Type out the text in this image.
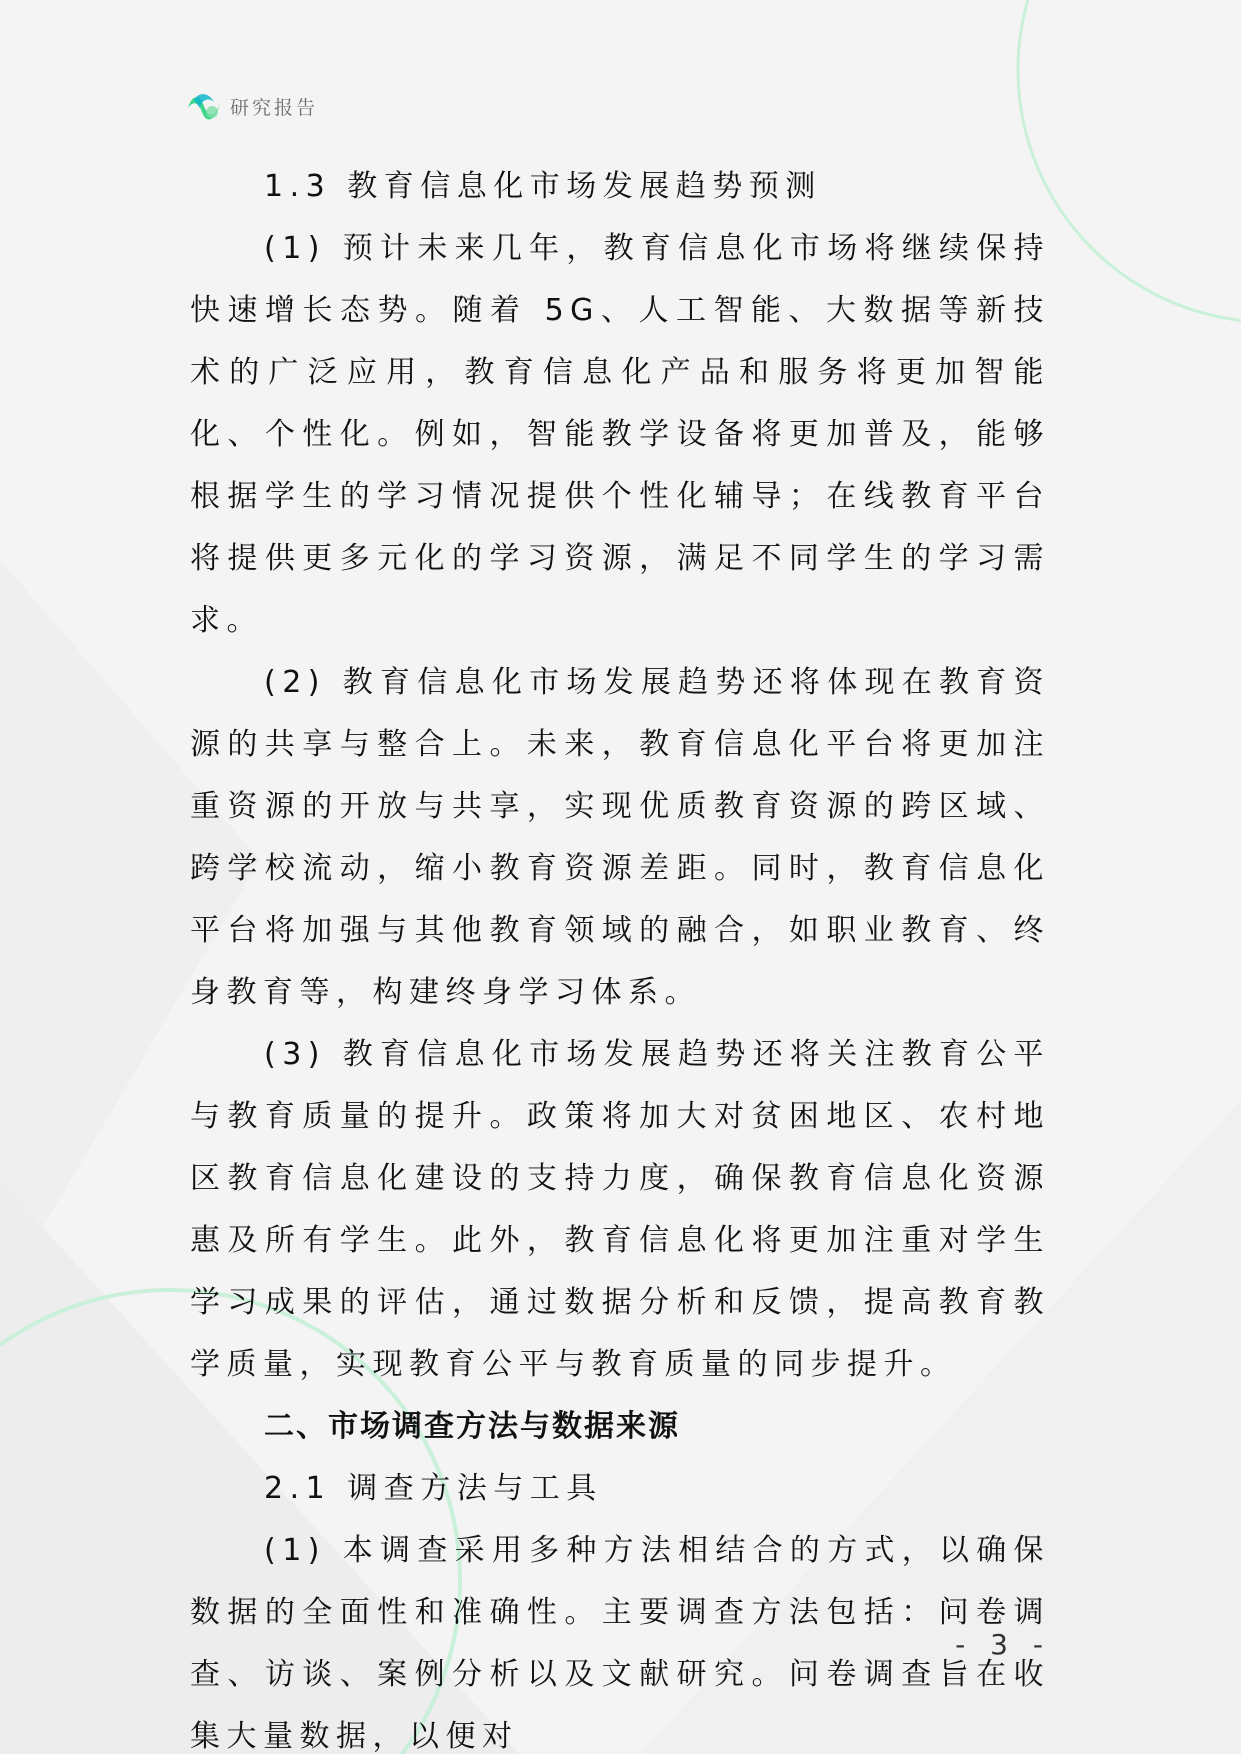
研究报告

1.3 教育信息化市场发展趋势预测

(1) 预计未来几年，教育信息化市场将继续保持快速增长态势。随着 5G、人工智能、大数据等新技术的广泛应用，教育信息化产品和服务将更加智能化、个性化。例如，智能教学设备将更加普及，能够根据学生的学习情况提供个性化辅导；在线教育平台将提供更多元化的学习资源，满足不同学生的学习需求。

(2) 教育信息化市场发展趋势还将体现在教育资源的共享与整合上。未来，教育信息化平台将更加注重资源的开放与共享，实现优质教育资源的跨区域、跨学校流动，缩小教育资源差距。同时，教育信息化平台将加强与其他教育领域的融合，如职业教育、终身教育等，构建终身学习体系。

(3) 教育信息化市场发展趋势还将关注教育公平与教育质量的提升。政策将加大对贫困地区、农村地区教育信息化建设的支持力度，确保教育信息化资源惠及所有学生。此外，教育信息化将更加注重对学生学习成果的评估，通过数据分析和反馈，提高教育教学质量，实现教育公平与教育质量的同步提升。

二、市场调查方法与数据来源

2.1 调查方法与工具

(1) 本调查采用多种方法相结合的方式，以确保数据的全面性和准确性。主要调查方法包括：问卷调查、访谈、案例分析以及文献研究。问卷调查旨在收集大量数据，以便对

- 3 -
